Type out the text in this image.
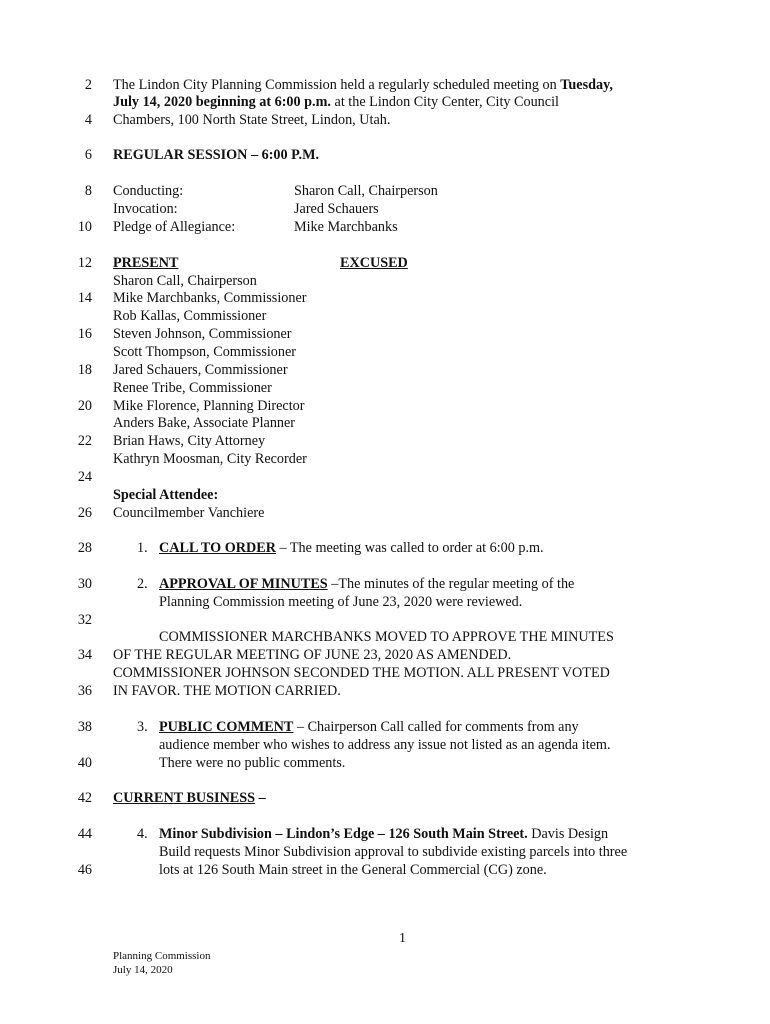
2
4
6
8
10
12
14
16
18
20
22
24
26
28
30
32
34
36
38
40
42
44
46
The Lindon City Planning Commission held a regularly scheduled meeting on Tuesday,
July 14, 2020 beginning at 6:00 p.m. at the Lindon City Center, City Council
Chambers, 100 North State Street, Lindon, Utah.
REGULAR SESSION – 6:00 P.M.
Conducting:	Sharon Call, Chairperson
Invocation:	Jared Schauers
Pledge of Allegiance:	Mike Marchbanks
PRESENT	EXCUSED
Sharon Call, Chairperson
Mike Marchbanks, Commissioner
Rob Kallas, Commissioner
Steven Johnson, Commissioner
Scott Thompson, Commissioner
Jared Schauers, Commissioner
Renee Tribe, Commissioner
Mike Florence, Planning Director
Anders Bake, Associate Planner
Brian Haws, City Attorney
Kathryn Moosman, City Recorder
Special Attendee:
Councilmember Vanchiere
1. CALL TO ORDER – The meeting was called to order at 6:00 p.m.
2. APPROVAL OF MINUTES –The minutes of the regular meeting of the
Planning Commission meeting of June 23, 2020 were reviewed.
COMMISSIONER MARCHBANKS MOVED TO APPROVE THE MINUTES
OF THE REGULAR MEETING OF JUNE 23, 2020 AS AMENDED.
COMMISSIONER JOHNSON SECONDED THE MOTION. ALL PRESENT VOTED
IN FAVOR. THE MOTION CARRIED.
3. PUBLIC COMMENT – Chairperson Call called for comments from any
audience member who wishes to address any issue not listed as an agenda item.
There were no public comments.
CURRENT BUSINESS –
4. Minor Subdivision – Lindon’s Edge – 126 South Main Street. Davis Design
Build requests Minor Subdivision approval to subdivide existing parcels into three
lots at 126 South Main street in the General Commercial (CG) zone.
1
Planning Commission
July 14, 2020
